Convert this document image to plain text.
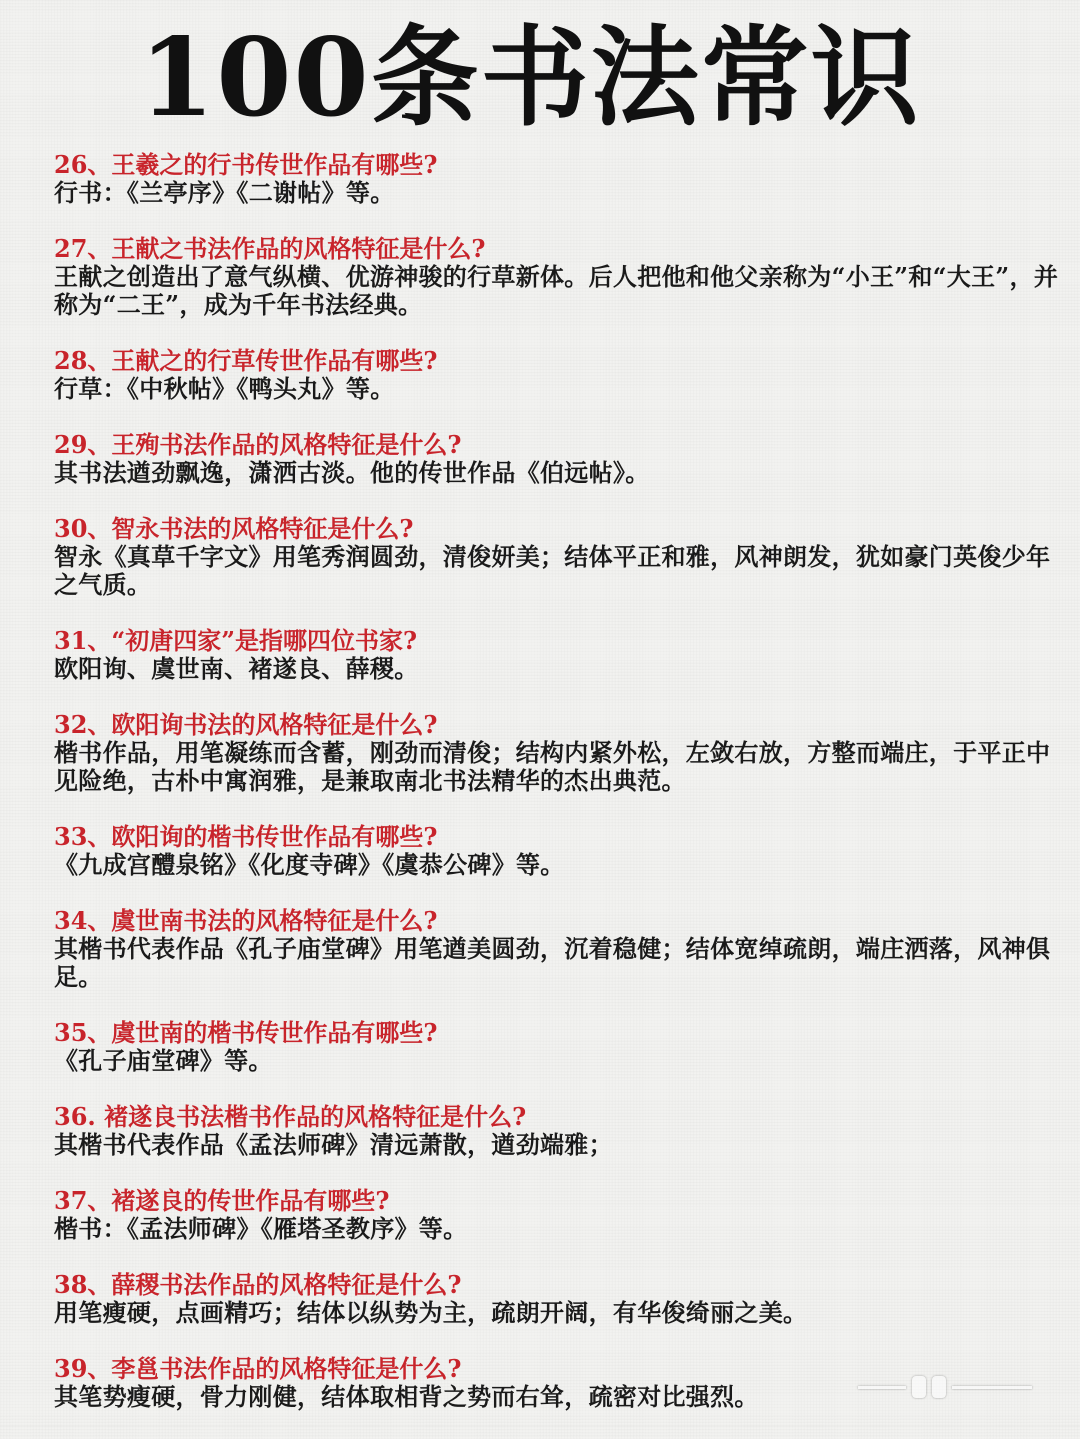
100条书法常识
26、王羲之的行书传世作品有哪些?
行书：《兰亭序》《二谢帖》等。
27、王献之书法作品的风格特征是什么?
王献之创造出了意气纵横、优游神骏的行草新体。后人把他和他父亲称为“小王”和“大王”，并称为“二王”，成为千年书法经典。
28、王献之的行草传世作品有哪些?
行草：《中秋帖》《鸭头丸》等。
29、王殉书法作品的风格特征是什么?
其书法遒劲飘逸，潇洒古淡。他的传世作品《伯远帖》。
30、智永书法的风格特征是什么?
智永《真草千字文》用笔秀润圆劲，清俊妍美；结体平正和雅，风神朗发，犹如豪门英俊少年之气质。
31、“初唐四家”是指哪四位书家?
欧阳询、虞世南、褚遂良、薛稷。
32、欧阳询书法的风格特征是什么?
楷书作品，用笔凝练而含蓄，刚劲而清俊；结构内紧外松，左敛右放，方整而端庄，于平正中见险绝，古朴中寓润雅，是兼取南北书法精华的杰出典范。
33、欧阳询的楷书传世作品有哪些?
《九成宫醴泉铭》《化度寺碑》《虞恭公碑》等。
34、虞世南书法的风格特征是什么?
其楷书代表作品《孔子庙堂碑》用笔遒美圆劲，沉着稳健；结体宽绰疏朗，端庄洒落，风神俱足。
35、虞世南的楷书传世作品有哪些?
《孔子庙堂碑》等。
36. 褚遂良书法楷书作品的风格特征是什么?
其楷书代表作品《孟法师碑》清远萧散，遒劲端雅；
37、褚遂良的传世作品有哪些?
楷书：《孟法师碑》《雁塔圣教序》等。
38、薛稷书法作品的风格特征是什么?
用笔瘦硬，点画精巧；结体以纵势为主，疏朗开阔，有华俊绮丽之美。
39、李邕书法作品的风格特征是什么?
其笔势瘦硬，骨力刚健，结体取相背之势而右耸，疏密对比强烈。
